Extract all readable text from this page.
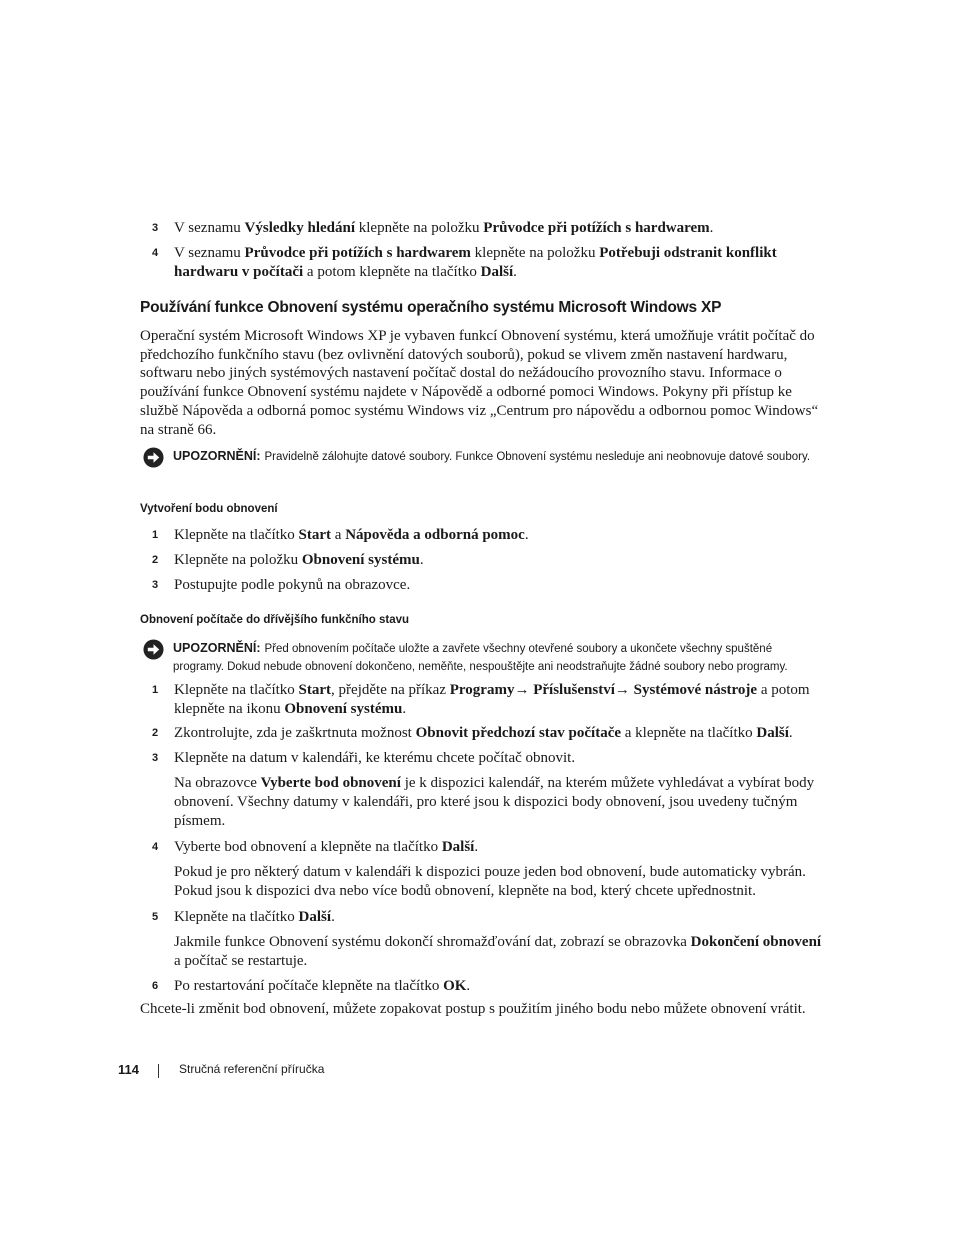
3	V seznamu Výsledky hledání klepněte na položku Průvodce při potížích s hardwarem.
4	V seznamu Průvodce při potížích s hardwarem klepněte na položku Potřebuji odstranit konflikt hardwaru v počítači a potom klepněte na tlačítko Další.
Používání funkce Obnovení systému operačního systému Microsoft Windows XP
Operační systém Microsoft Windows XP je vybaven funkcí Obnovení systému, která umožňuje vrátit počítač do předchozího funkčního stavu (bez ovlivnění datových souborů), pokud se vlivem změn nastavení hardwaru, softwaru nebo jiných systémových nastavení počítač dostal do nežádoucího provozního stavu. Informace o používání funkce Obnovení systému najdete v Nápovědě a odborné pomoci Windows. Pokyny při přístup ke službě Nápověda a odborná pomoc systému Windows viz „Centrum pro nápovědu a odbornou pomoc Windows“ na straně 66.
UPOZORNĚNÍ: Pravidelně zálohujte datové soubory. Funkce Obnovení systému nesleduje ani neobnovuje datové soubory.
Vytvoření bodu obnovení
1	Klepněte na tlačítko Start a Nápověda a odborná pomoc.
2	Klepněte na položku Obnovení systému.
3	Postupujte podle pokynů na obrazovce.
Obnovení počítače do dřívějšího funkčního stavu
UPOZORNĚNÍ: Před obnovením počítače uložte a zavřete všechny otevřené soubory a ukončete všechny spuštěné programy. Dokud nebude obnovení dokončeno, neměňte, nespouštějte ani neodstraňujte žádné soubory nebo programy.
1	Klepněte na tlačítko Start, přejděte na příkaz Programy→ Příslušenství→ Systémové nástroje a potom klepněte na ikonu Obnovení systému.
2	Zkontrolujte, zda je zaškrtnuta možnost Obnovit předchozí stav počítače a klepněte na tlačítko Další.
3	Klepněte na datum v kalendáři, ke kterému chcete počítač obnovit.
Na obrazovce Vyberte bod obnovení je k dispozici kalendář, na kterém můžete vyhledávat a vybírat body obnovení. Všechny datumy v kalendáři, pro které jsou k dispozici body obnovení, jsou uvedeny tučným písmem.
4	Vyberte bod obnovení a klepněte na tlačítko Další.
Pokud je pro některý datum v kalendáři k dispozici pouze jeden bod obnovení, bude automaticky vybrán. Pokud jsou k dispozici dva nebo více bodů obnovení, klepněte na bod, který chcete upřednostnit.
5	Klepněte na tlačítko Další.
Jakmile funkce Obnovení systému dokončí shromažďování dat, zobrazí se obrazovka Dokončení obnovení a počítač se restartuje.
6	Po restartování počítače klepněte na tlačítko OK.
Chcete-li změnit bod obnovení, můžete zopakovat postup s použitím jiného bodu nebo můžete obnovení vrátit.
114	Stručná referenční příručka
